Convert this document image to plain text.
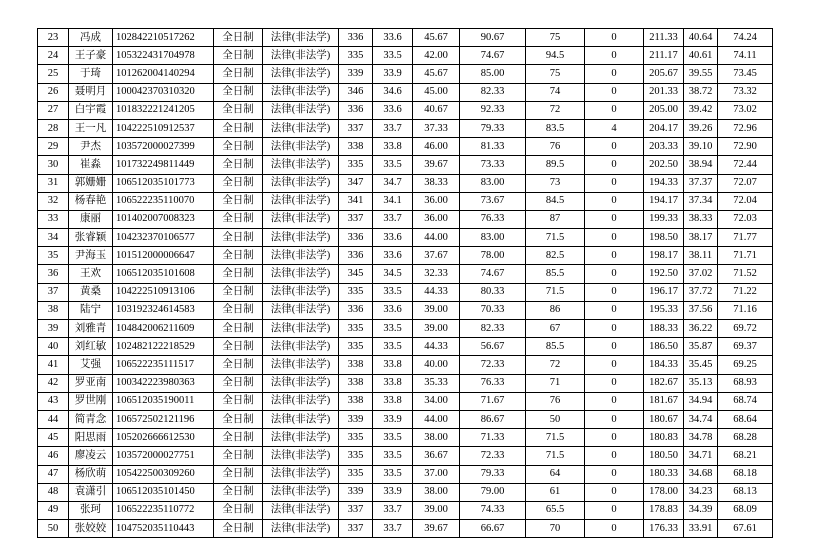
23	冯成	102842210517262	全日制	法律(非法学)	336	33.6	45.67	90.67	75	0	211.33	40.64	74.24
24	王子豪	105322431704978	全日制	法律(非法学)	335	33.5	42.00	74.67	94.5	0	211.17	40.61	74.11
25	于琦	101262004140294	全日制	法律(非法学)	339	33.9	45.67	85.00	75	0	205.67	39.55	73.45
26	聂明月	100042370310320	全日制	法律(非法学)	346	34.6	45.00	82.33	74	0	201.33	38.72	73.32
27	白宇霞	101832221241205	全日制	法律(非法学)	336	33.6	40.67	92.33	72	0	205.00	39.42	73.02
28	王一凡	104222510912537	全日制	法律(非法学)	337	33.7	37.33	79.33	83.5	4	204.17	39.26	72.96
29	尹杰	103572000027399	全日制	法律(非法学)	338	33.8	46.00	81.33	76	0	203.33	39.10	72.90
30	崔淼	101732249811449	全日制	法律(非法学)	335	33.5	39.67	73.33	89.5	0	202.50	38.94	72.44
31	郭姗姗	106512035101773	全日制	法律(非法学)	347	34.7	38.33	83.00	73	0	194.33	37.37	72.07
32	杨春艳	106522235110070	全日制	法律(非法学)	341	34.1	36.00	73.67	84.5	0	194.17	37.34	72.04
33	康丽	101402007008323	全日制	法律(非法学)	337	33.7	36.00	76.33	87	0	199.33	38.33	72.03
34	张睿颖	104232370106577	全日制	法律(非法学)	336	33.6	44.00	83.00	71.5	0	198.50	38.17	71.77
35	尹海玉	101512000006647	全日制	法律(非法学)	336	33.6	37.67	78.00	82.5	0	198.17	38.11	71.71
36	王欢	106512035101608	全日制	法律(非法学)	345	34.5	32.33	74.67	85.5	0	192.50	37.02	71.52
37	黄桑	104222510913106	全日制	法律(非法学)	335	33.5	44.33	80.33	71.5	0	196.17	37.72	71.22
38	陆宁	103192324614583	全日制	法律(非法学)	336	33.6	39.00	70.33	86	0	195.33	37.56	71.16
39	刘雅青	104842006211609	全日制	法律(非法学)	335	33.5	39.00	82.33	67	0	188.33	36.22	69.72
40	刘红敏	102482122218529	全日制	法律(非法学)	335	33.5	44.33	56.67	85.5	0	186.50	35.87	69.37
41	艾强	106522235111517	全日制	法律(非法学)	338	33.8	40.00	72.33	72	0	184.33	35.45	69.25
42	罗亚南	100342223980363	全日制	法律(非法学)	338	33.8	35.33	76.33	71	0	182.67	35.13	68.93
43	罗世刚	106512035190011	全日制	法律(非法学)	338	33.8	34.00	71.67	76	0	181.67	34.94	68.74
44	简青念	106572502121196	全日制	法律(非法学)	339	33.9	44.00	86.67	50	0	180.67	34.74	68.64
45	阳思雨	105202666612530	全日制	法律(非法学)	335	33.5	38.00	71.33	71.5	0	180.83	34.78	68.28
46	廖凌云	103572000027751	全日制	法律(非法学)	335	33.5	36.67	72.33	71.5	0	180.50	34.71	68.21
47	杨欣萌	105422500309260	全日制	法律(非法学)	335	33.5	37.00	79.33	64	0	180.33	34.68	68.18
48	袁潇引	106512035101450	全日制	法律(非法学)	339	33.9	38.00	79.00	61	0	178.00	34.23	68.13
49	张珂	106522235110772	全日制	法律(非法学)	337	33.7	39.00	74.33	65.5	0	178.83	34.39	68.09
50	张姣姣	104752035110443	全日制	法律(非法学)	337	33.7	39.67	66.67	70	0	176.33	33.91	67.61
